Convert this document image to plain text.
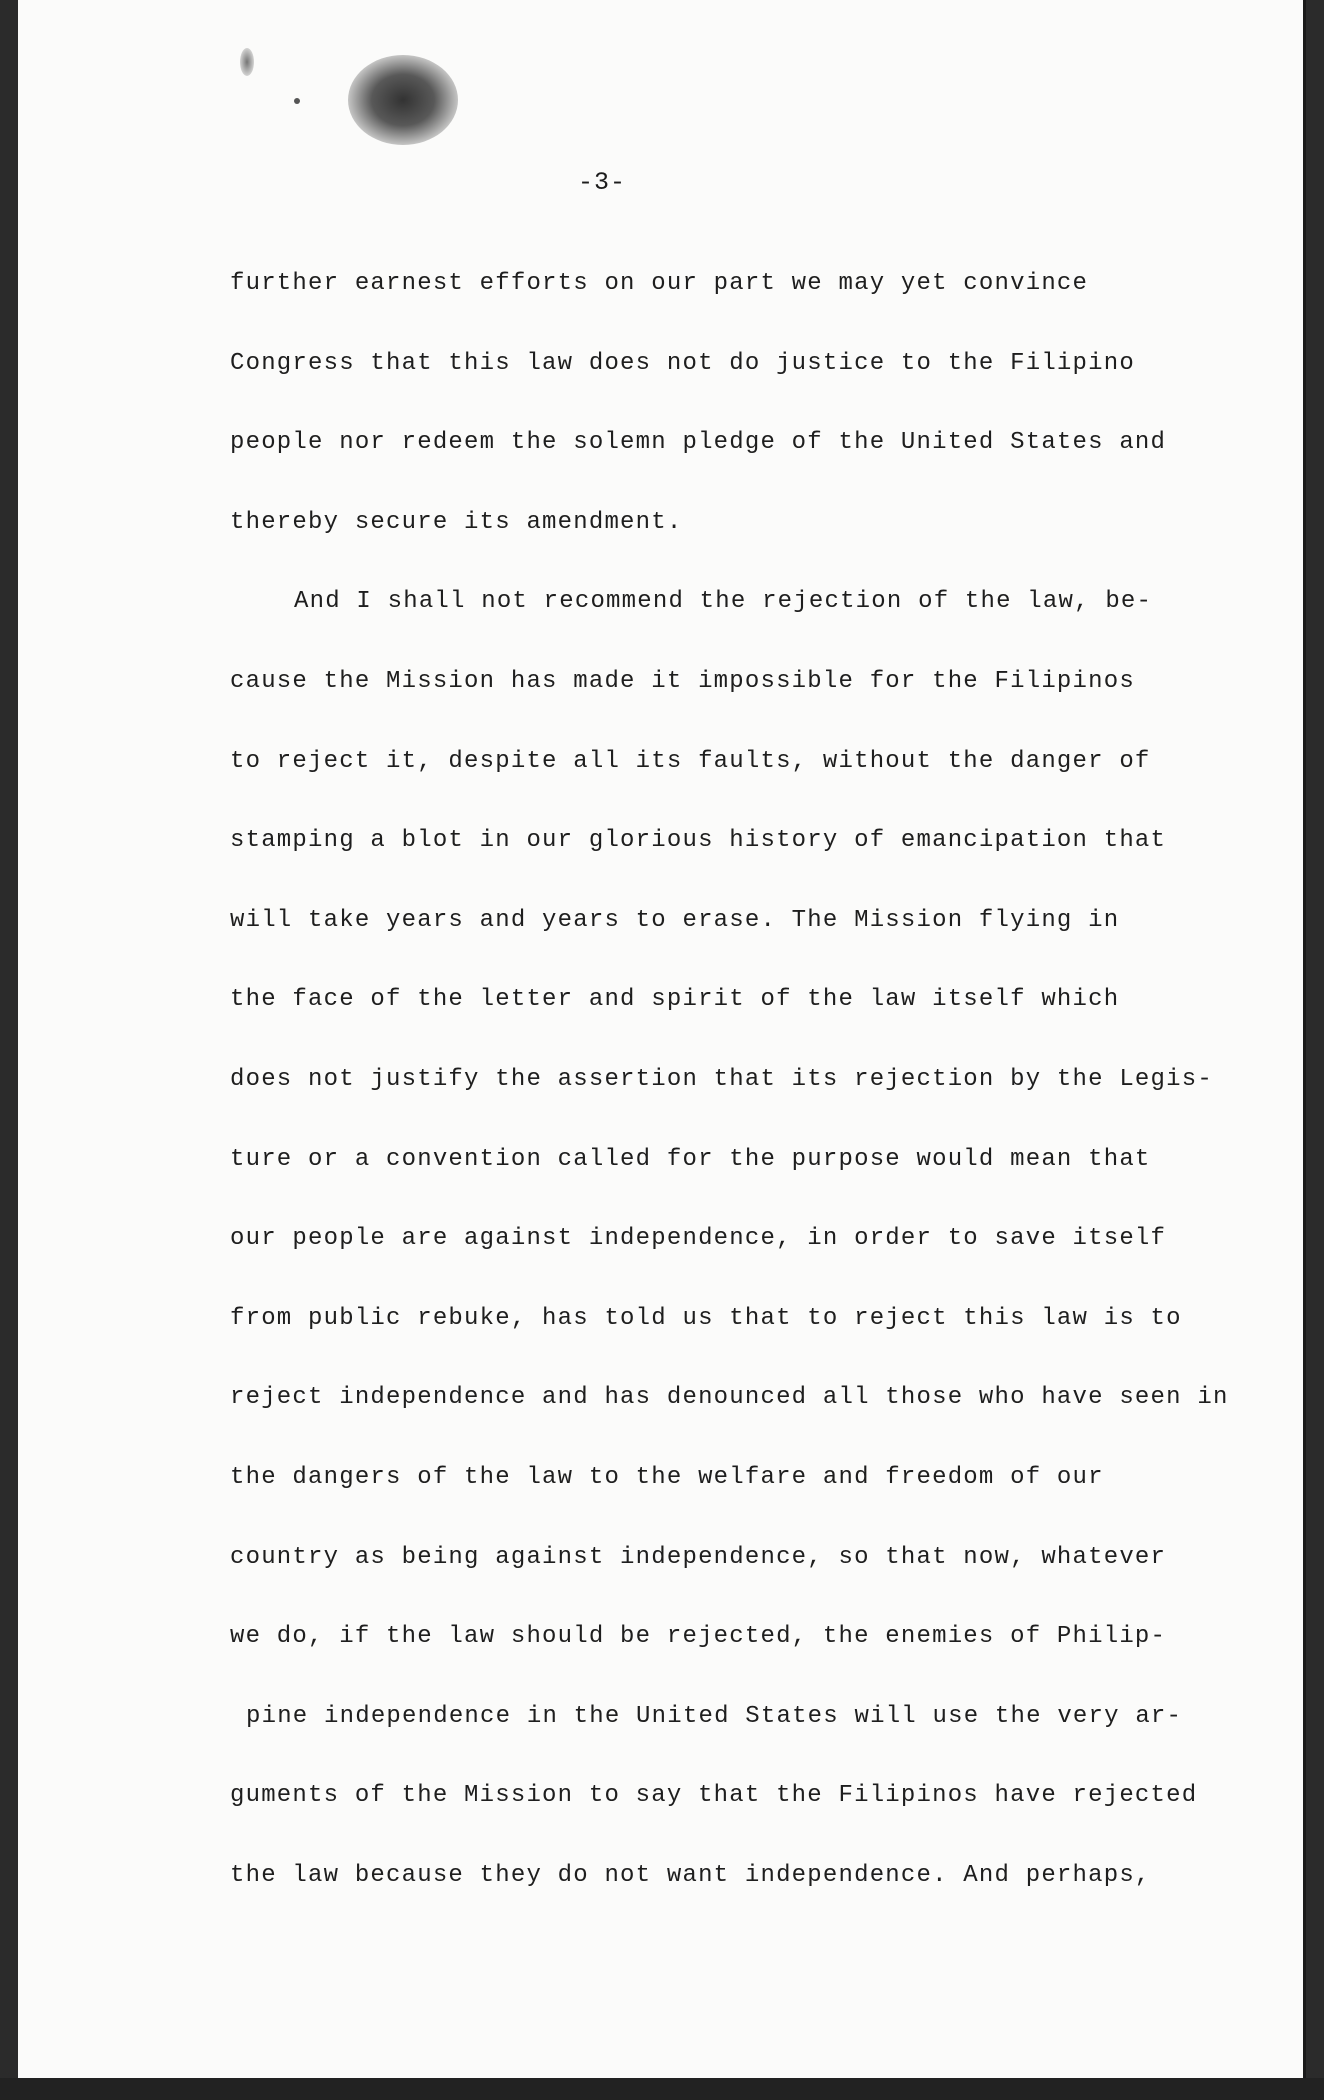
-3-
further earnest efforts on our part we may yet convince
Congress that this law does not do justice to the Filipino
people nor redeem the solemn pledge of the United States and
thereby secure its amendment.
And I shall not recommend the rejection of the law, be-
cause the Mission has made it impossible for the Filipinos
to reject it, despite all its faults, without the danger of
stamping a blot in our glorious history of emancipation that
will take years and years to erase. The Mission flying in
the face of the letter and spirit of the law itself which
does not justify the assertion that its rejection by the Legis-
ture or a convention called for the purpose would mean that
our people are against independence, in order to save itself
from public rebuke, has told us that to reject this law is to
reject independence and has denounced all those who have seen in
the dangers of the law to the welfare and freedom of our
country as being against independence, so that now, whatever
we do, if the law should be rejected, the enemies of Philip-
pine independence in the United States will use the very ar-
guments of the Mission to say that the Filipinos have rejected
the law because they do not want independence. And perhaps,
